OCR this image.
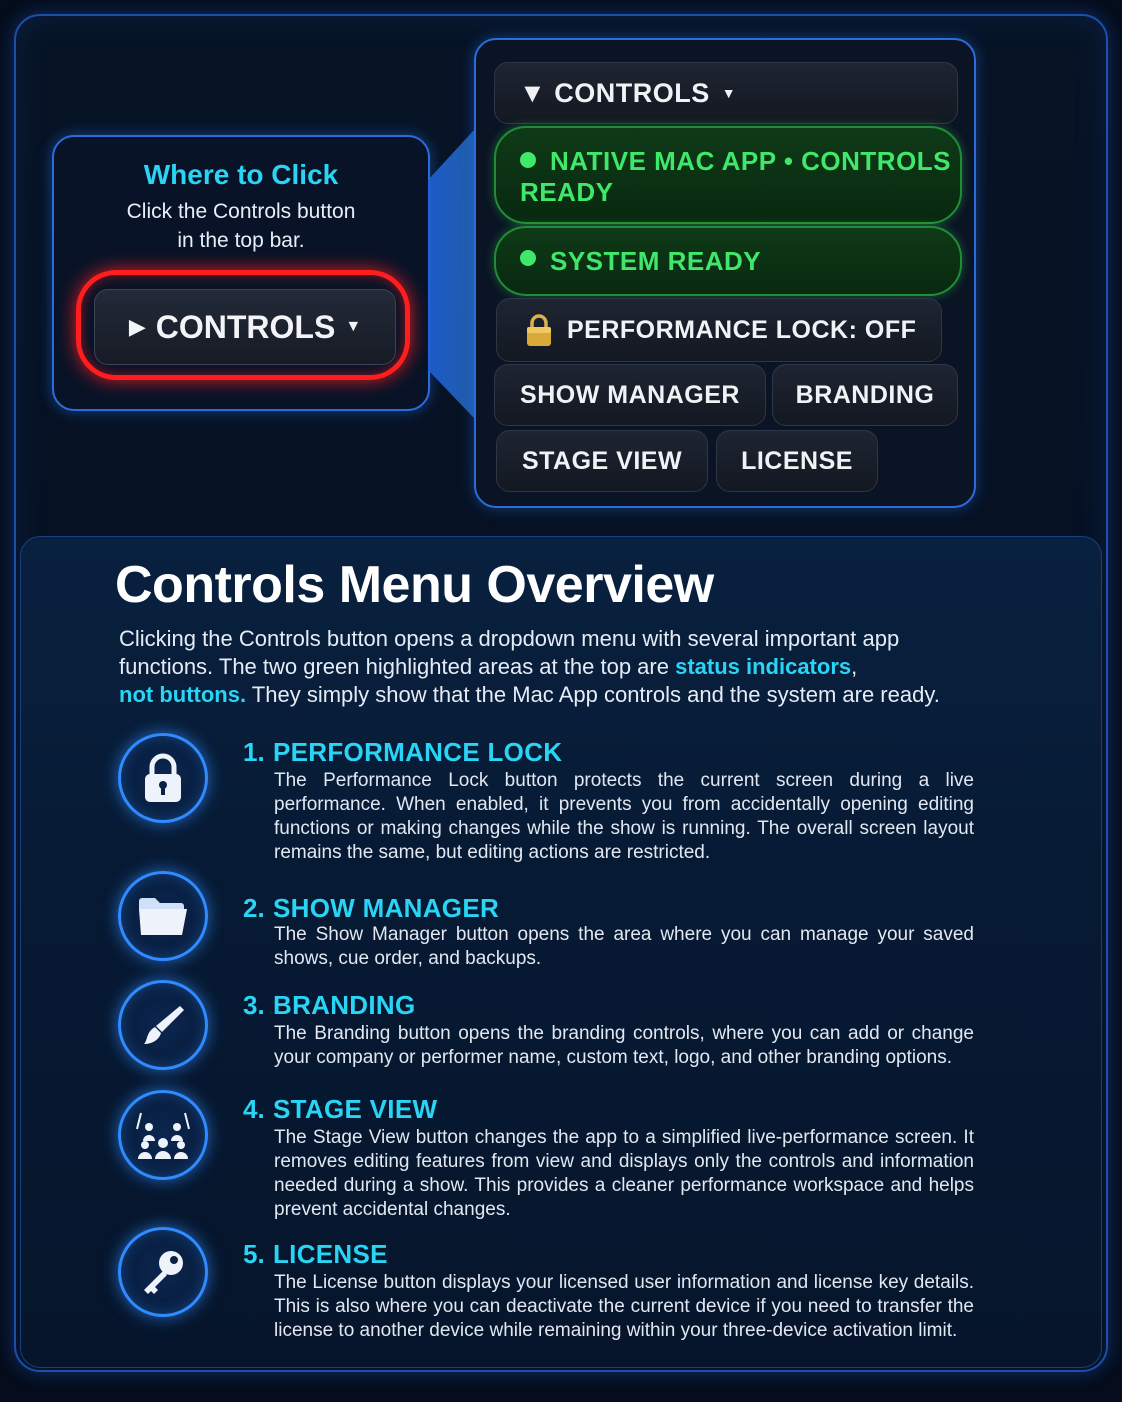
Where to Click
Click the Controls button
in the top bar.
▶ CONTROLS ▼
▼ CONTROLS ▼
NATIVE MAC APP • CONTROLS
READY
SYSTEM READY
PERFORMANCE LOCK: OFF
SHOW MANAGER BRANDING
STAGE VIEW LICENSE
Controls Menu Overview
Clicking the Controls button opens a dropdown menu with several important app functions. The two green highlighted areas at the top are status indicators,
not buttons. They simply show that the Mac App controls and the system are ready.
1. PERFORMANCE LOCK
The Performance Lock button protects the current screen during a live performance. When enabled, it prevents you from accidentally opening editing functions or making changes while the show is running. The overall screen layout remains the same, but editing actions are restricted.
2. SHOW MANAGER
The Show Manager button opens the area where you can manage your saved shows, cue order, and backups.
3. BRANDING
The Branding button opens the branding controls, where you can add or change your company or performer name, custom text, logo, and other branding options.
4. STAGE VIEW
The Stage View button changes the app to a simplified live-performance screen. It removes editing features from view and displays only the controls and information needed during a show. This provides a cleaner performance workspace and helps prevent accidental changes.
5. LICENSE
The License button displays your licensed user information and license key details. This is also where you can deactivate the current device if you need to transfer the license to another device while remaining within your three-device activation limit.
